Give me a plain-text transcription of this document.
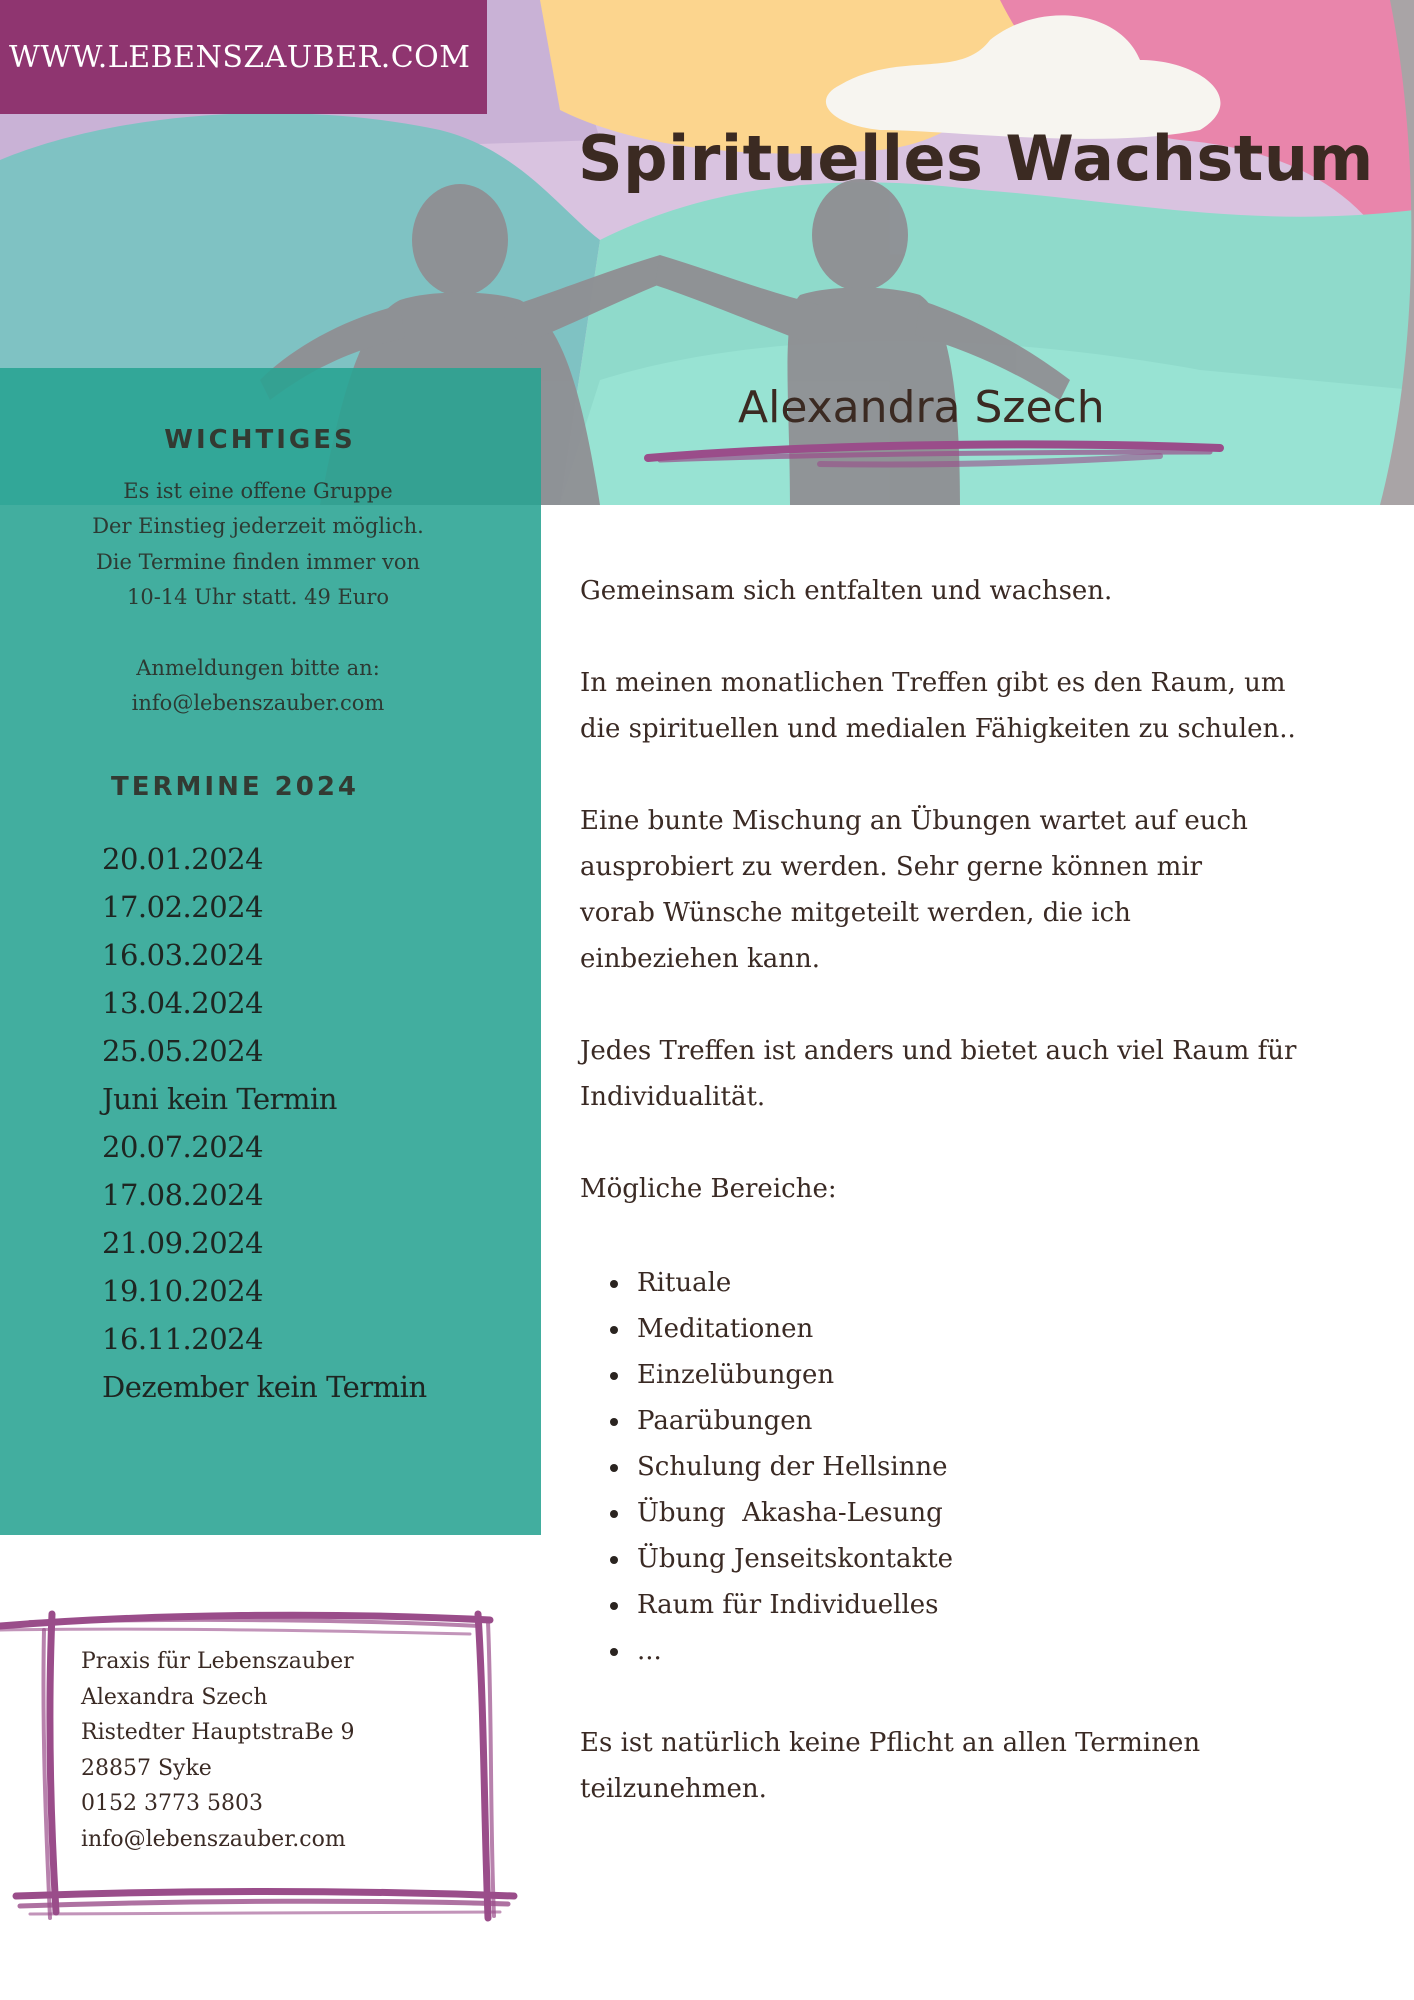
WWW.LEBENSZAUBER.COM
Spirituelles Wachstum
Alexandra Szech
WICHTIGES
Es ist eine offene Gruppe
Der Einstieg jederzeit möglich.
Die Termine finden immer von
10-14 Uhr statt. 49 Euro
Anmeldungen bitte an:
info@lebenszauber.com
TERMINE 2024
20.01.2024
17.02.2024
16.03.2024
13.04.2024
25.05.2024
Juni kein Termin
20.07.2024
17.08.2024
21.09.2024
19.10.2024
16.11.2024
Dezember kein Termin

Gemeinsam sich entfalten und wachsen.

In meinen monatlichen Treffen gibt es den Raum, um
die spirituellen und medialen Fähigkeiten zu schulen..

Eine bunte Mischung an Übungen wartet auf euch
ausprobiert zu werden. Sehr gerne können mir
vorab Wünsche mitgeteilt werden, die ich
einbeziehen kann.

Jedes Treffen ist anders und bietet auch viel Raum für
Individualität.

Mögliche Bereiche:

Rituale
Meditationen
Einzelübungen
Paarübungen
Schulung der Hellsinne
Übung  Akasha-Lesung
Übung Jenseitskontakte
Raum für Individuelles
...
Es ist natürlich keine Pflicht an allen Terminen
teilzunehmen.
Praxis für Lebenszauber
Alexandra Szech
Ristedter HauptstraBe 9
28857 Syke
0152 3773 5803
info@lebenszauber.com
